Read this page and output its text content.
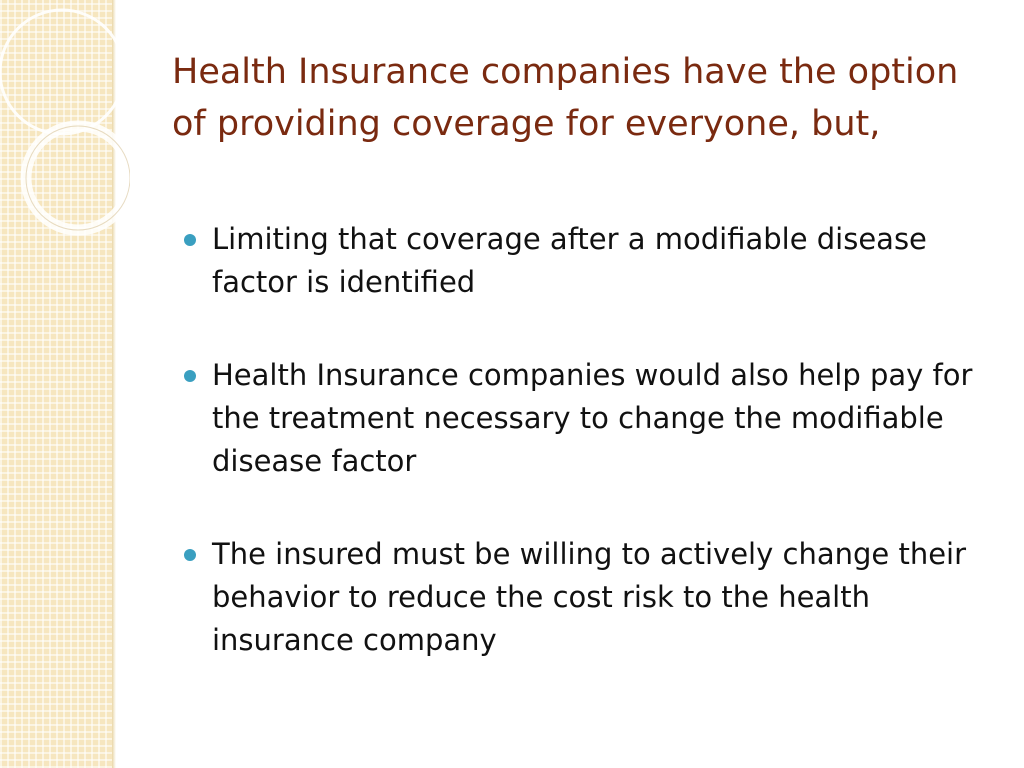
Health Insurance companies have the option of providing coverage for everyone, but,
Limiting that coverage after a modifiable disease factor is identified
Health Insurance companies would also help pay for the treatment necessary to change the modifiable disease factor
The insured must be willing to actively change their behavior to reduce the cost risk to the health insurance company
